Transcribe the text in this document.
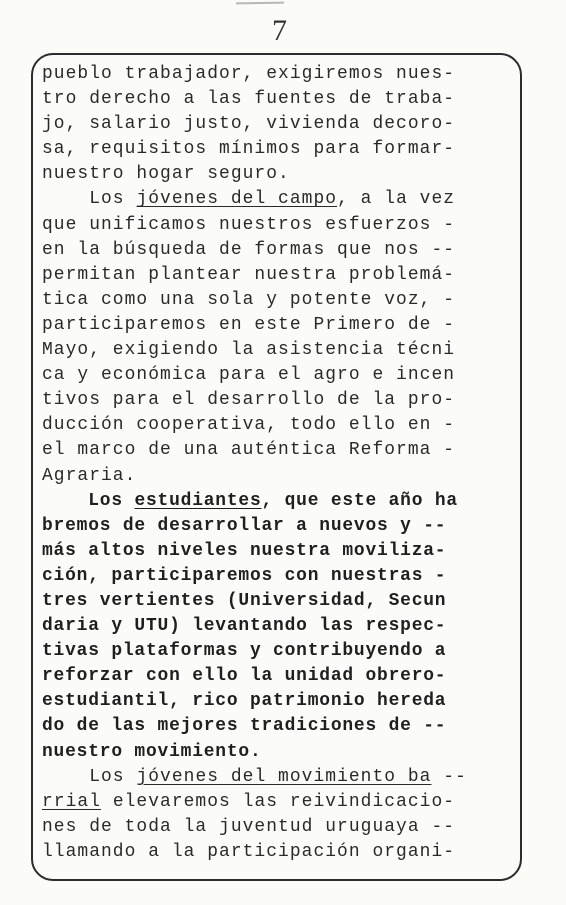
7
pueblo trabajador, exigiremos nues-
tro derecho a las fuentes de traba-
jo, salario justo, vivienda decoro-
sa, requisitos mínimos para formar-
nuestro hogar seguro.
Los jóvenes del campo, a la vez
que unificamos nuestros esfuerzos -
en la búsqueda de formas que nos --
permitan plantear nuestra problemá-
tica como una sola y potente voz, -
participaremos en este Primero de -
Mayo, exigiendo la asistencia técni
ca y económica para el agro e incen
tivos para el desarrollo de la pro-
ducción cooperativa, todo ello en -
el marco de una auténtica Reforma -
Agraria.
Los estudiantes, que este año ha
bremos de desarrollar a nuevos y --
más altos niveles nuestra moviliza-
ción, participaremos con nuestras -
tres vertientes (Universidad, Secun
daria y UTU) levantando las respec-
tivas plataformas y contribuyendo a
reforzar con ello la unidad obrero-
estudiantil, rico patrimonio hereda
do de las mejores tradiciones de --
nuestro movimiento.
Los jóvenes del movimiento ba --
rrial elevaremos las reivindicacio-
nes de toda la juventud uruguaya --
llamando a la participación organi-
